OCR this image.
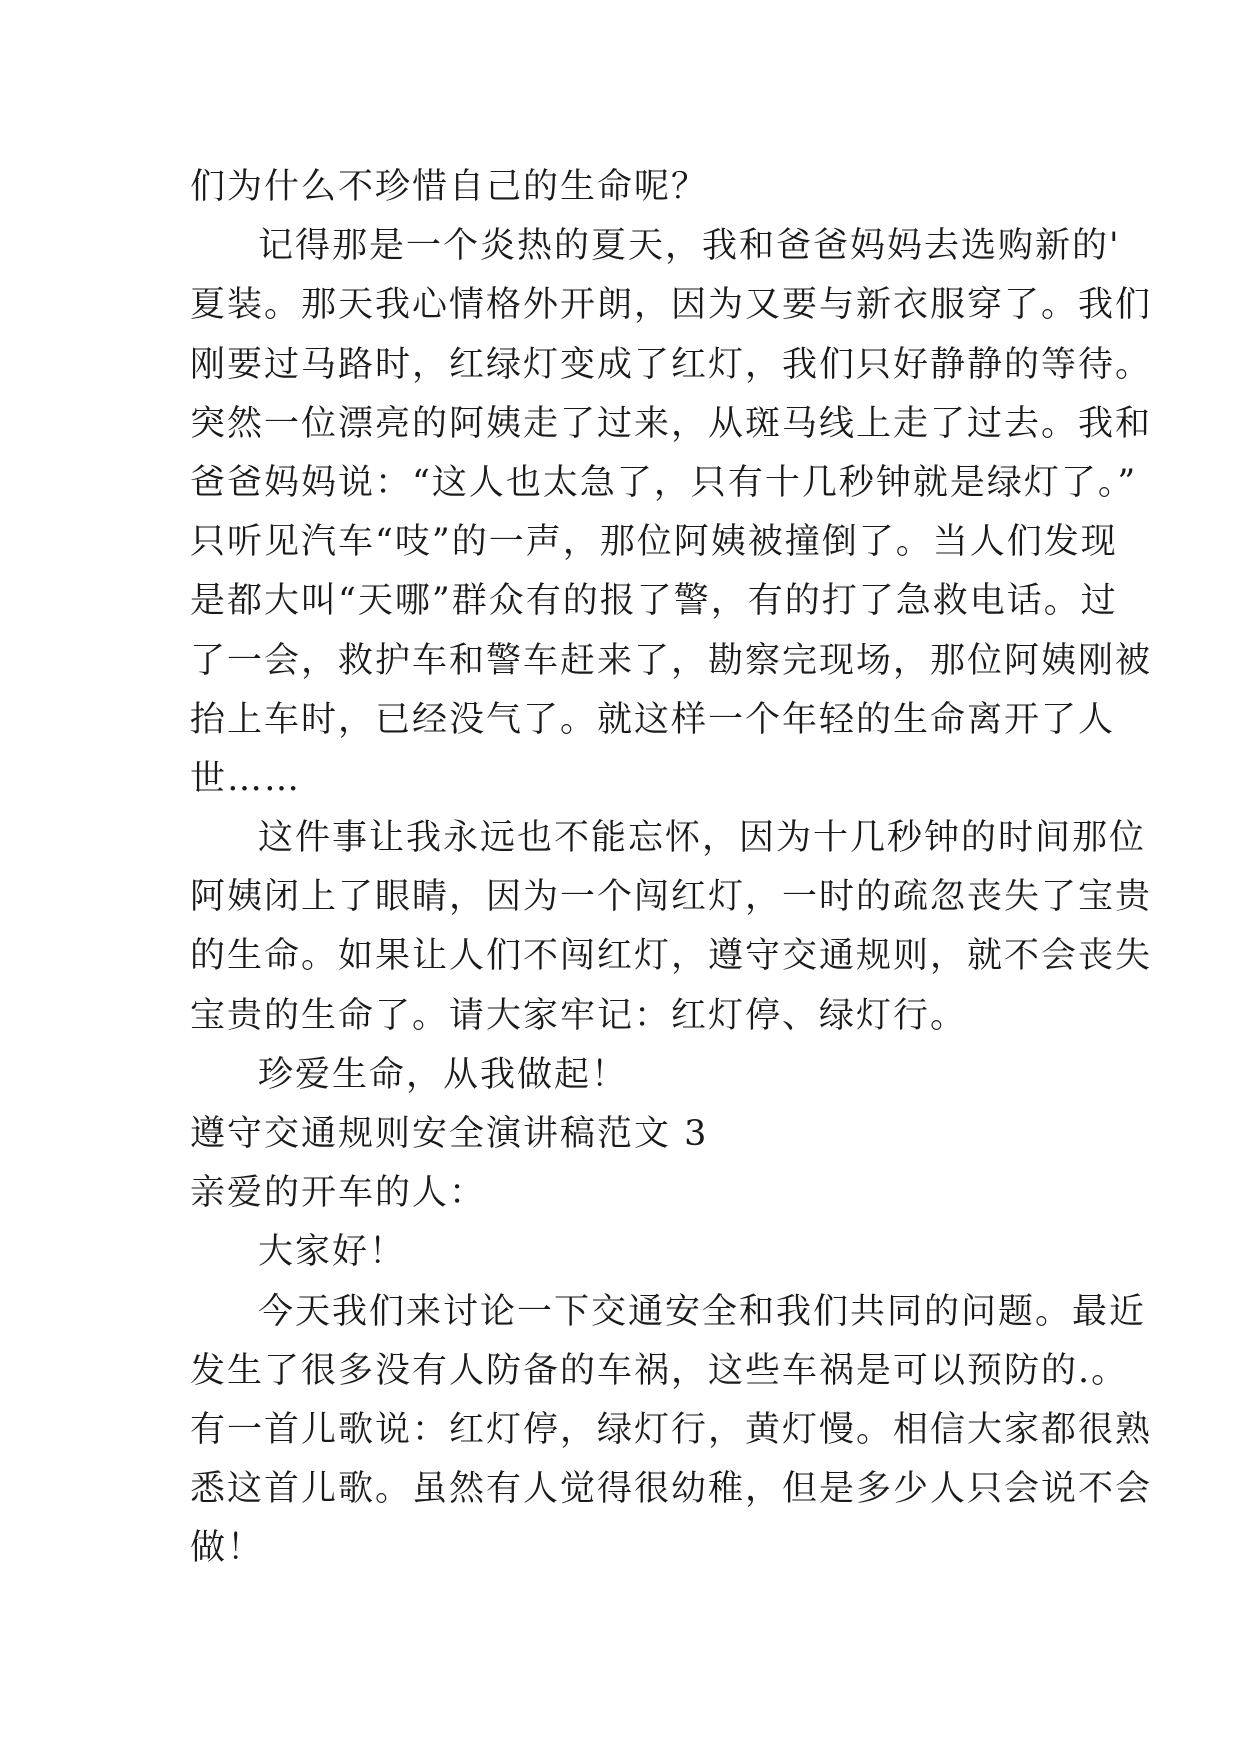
们为什么不珍惜自己的生命呢？
记得那是一个炎热的夏天，我和爸爸妈妈去选购新的'
夏装。那天我心情格外开朗，因为又要与新衣服穿了。我们
刚要过马路时，红绿灯变成了红灯，我们只好静静的等待。
突然一位漂亮的阿姨走了过来，从斑马线上走了过去。我和
爸爸妈妈说：“这人也太急了，只有十几秒钟就是绿灯了。”
只听见汽车“吱”的一声，那位阿姨被撞倒了。当人们发现
是都大叫“天哪”群众有的报了警，有的打了急救电话。过
了一会，救护车和警车赶来了，勘察完现场，那位阿姨刚被
抬上车时，已经没气了。就这样一个年轻的生命离开了人
世……
这件事让我永远也不能忘怀，因为十几秒钟的时间那位
阿姨闭上了眼睛，因为一个闯红灯，一时的疏忽丧失了宝贵
的生命。如果让人们不闯红灯，遵守交通规则，就不会丧失
宝贵的生命了。请大家牢记：红灯停、绿灯行。
珍爱生命，从我做起！
遵守交通规则安全演讲稿范文 3
亲爱的开车的人：
大家好！
今天我们来讨论一下交通安全和我们共同的问题。最近
发生了很多没有人防备的车祸，这些车祸是可以预防的.。
有一首儿歌说：红灯停，绿灯行，黄灯慢。相信大家都很熟
悉这首儿歌。虽然有人觉得很幼稚，但是多少人只会说不会
做！
